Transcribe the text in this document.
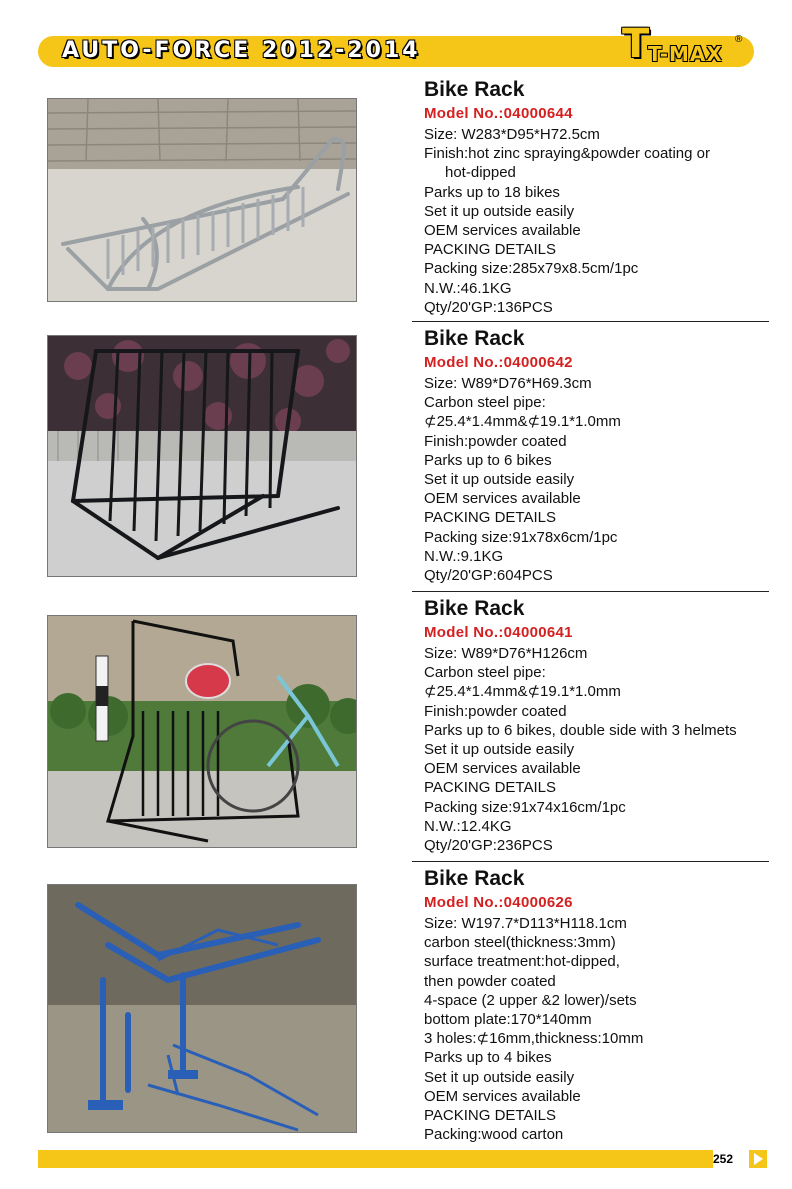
AUTO-FORCE 2012-2014	T
T-MAX
®
Bike Rack
Model No.:04000644
Size: W283*D95*H72.5cm
Finish:hot zinc spraying&powder coating or
hot-dipped
Parks up to 18 bikes
Set it up outside easily
OEM services available
PACKING DETAILS
Packing size:285x79x8.5cm/1pc
N.W.:46.1KG
Qty/20'GP:136PCS
Bike Rack
Model No.:04000642
Size: W89*D76*H69.3cm
Carbon steel pipe:
⊄25.4*1.4mm&⊄19.1*1.0mm
Finish:powder coated
Parks up to 6 bikes
Set it up outside easily
OEM services available
PACKING DETAILS
Packing size:91x78x6cm/1pc
N.W.:9.1KG
Qty/20'GP:604PCS
Bike Rack
Model No.:04000641
Size: W89*D76*H126cm
Carbon steel pipe:
⊄25.4*1.4mm&⊄19.1*1.0mm
Finish:powder coated
Parks up to 6 bikes, double side with 3 helmets
Set it up outside easily
OEM services available
PACKING DETAILS
Packing size:91x74x16cm/1pc
N.W.:12.4KG
Qty/20'GP:236PCS
Bike Rack
Model No.:04000626
Size: W197.7*D113*H118.1cm
carbon steel(thickness:3mm)
surface treatment:hot-dipped,
then powder coated
4-space (2 upper &2 lower)/sets
bottom plate:170*140mm
3 holes:⊄16mm,thickness:10mm
Parks up to 4 bikes
Set it up outside easily
OEM services available
PACKING DETAILS
Packing:wood carton
252
